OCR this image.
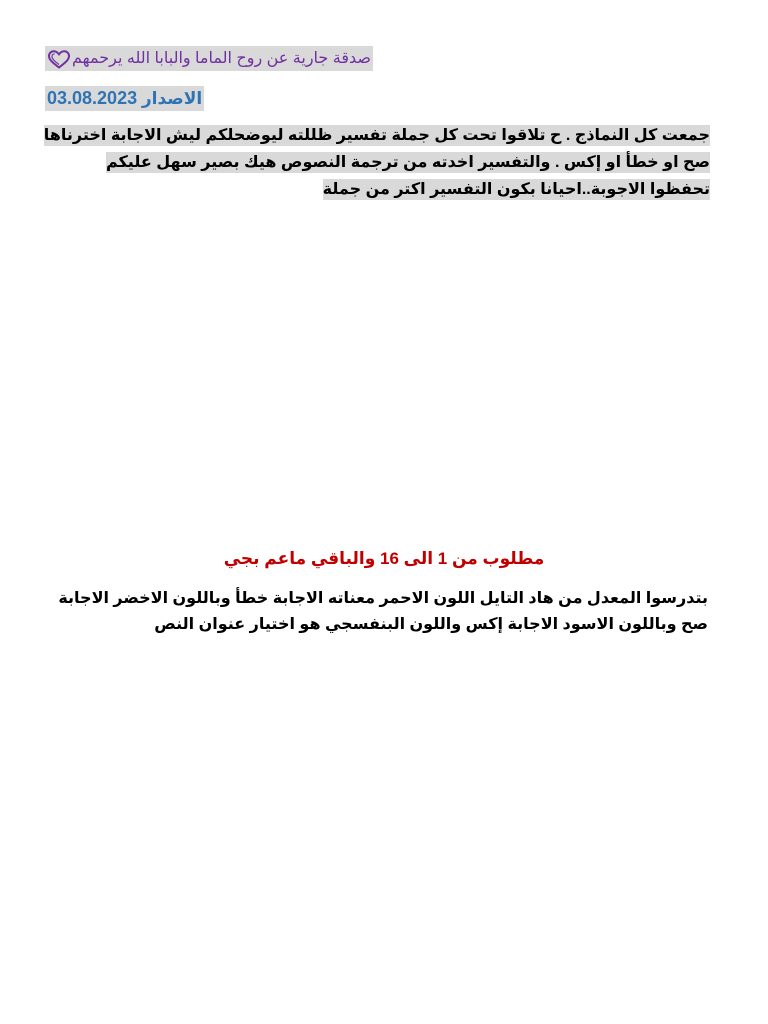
صدقة جارية عن روح الماما والبابا الله يرحمهم
الاصدار 03.08.2023
جمعت كل النماذج . ح تلاقوا تحت كل جملة تفسير ظللته ليوضحلكم ليش الاجابة اخترناها
صح او خطأ او إكس . والتفسير اخدته من ترجمة النصوص هيك بصير سهل عليكم
تحفظوا الاجوبة..احيانا بكون التفسير اكتر من جملة
مطلوب من 1 الى 16 والباقي ماعم بجي
بتدرسوا المعدل من هاد التايل اللون الاحمر معناته الاجابة خطأ وباللون الاخضر الاجابة
صح وباللون الاسود الاجابة إكس واللون البنفسجي هو اختيار عنوان النص
